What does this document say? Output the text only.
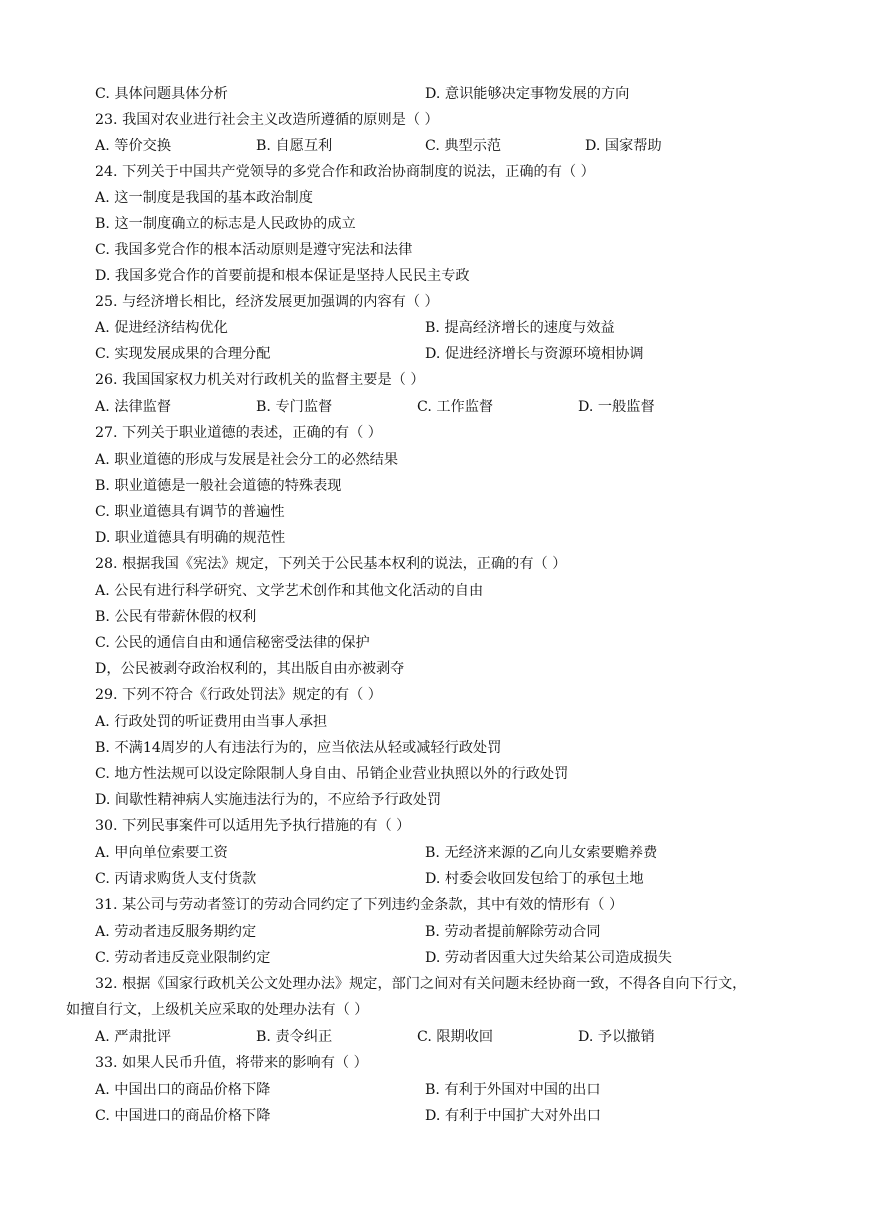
C. 具体问题具体分析	D. 意识能够决定事物发展的方向
23. 我国对农业进行社会主义改造所遵循的原则是（ ）
A. 等价交换	B. 自愿互利	C. 典型示范	D. 国家帮助
24. 下列关于中国共产党领导的多党合作和政治协商制度的说法，正确的有（ ）
A. 这一制度是我国的基本政治制度
B. 这一制度确立的标志是人民政协的成立
C. 我国多党合作的根本活动原则是遵守宪法和法律
D. 我国多党合作的首要前提和根本保证是坚持人民民主专政
25. 与经济增长相比，经济发展更加强调的内容有（ ）
A. 促进经济结构优化	B. 提高经济增长的速度与效益
C. 实现发展成果的合理分配	D. 促进经济增长与资源环境相协调
26. 我国国家权力机关对行政机关的监督主要是（ ）
A. 法律监督	B. 专门监督	C. 工作监督	D. 一般监督
27. 下列关于职业道德的表述，正确的有（ ）
A. 职业道德的形成与发展是社会分工的必然结果
B. 职业道德是一般社会道德的特殊表现
C. 职业道德具有调节的普遍性
D. 职业道德具有明确的规范性
28. 根据我国《宪法》规定，下列关于公民基本权利的说法，正确的有（ ）
A. 公民有进行科学研究、文学艺术创作和其他文化活动的自由
B. 公民有带薪休假的权利
C. 公民的通信自由和通信秘密受法律的保护
D，公民被剥夺政治权利的，其出版自由亦被剥夺
29. 下列不符合《行政处罚法》规定的有（ ）
A. 行政处罚的听证费用由当事人承担
B. 不满14周岁的人有违法行为的，应当依法从轻或减轻行政处罚
C. 地方性法规可以设定除限制人身自由、吊销企业营业执照以外的行政处罚
D. 间歇性精神病人实施违法行为的，不应给予行政处罚
30. 下列民事案件可以适用先予执行措施的有（ ）
A. 甲向单位索要工资	B. 无经济来源的乙向儿女索要赡养费
C. 丙请求购货人支付货款	D. 村委会收回发包给丁的承包土地
31. 某公司与劳动者签订的劳动合同约定了下列违约金条款，其中有效的情形有（ ）
A. 劳动者违反服务期约定	B. 劳动者提前解除劳动合同
C. 劳动者违反竞业限制约定	D. 劳动者因重大过失给某公司造成损失
32. 根据《国家行政机关公文处理办法》规定，部门之间对有关问题未经协商一致，不得各自向下行文，
如擅自行文，上级机关应采取的处理办法有（ ）
A. 严肃批评	B. 责令纠正	C. 限期收回	D. 予以撤销
33. 如果人民币升值，将带来的影响有（ ）
A. 中国出口的商品价格下降	B. 有利于外国对中国的出口
C. 中国进口的商品价格下降	D. 有利于中国扩大对外出口
